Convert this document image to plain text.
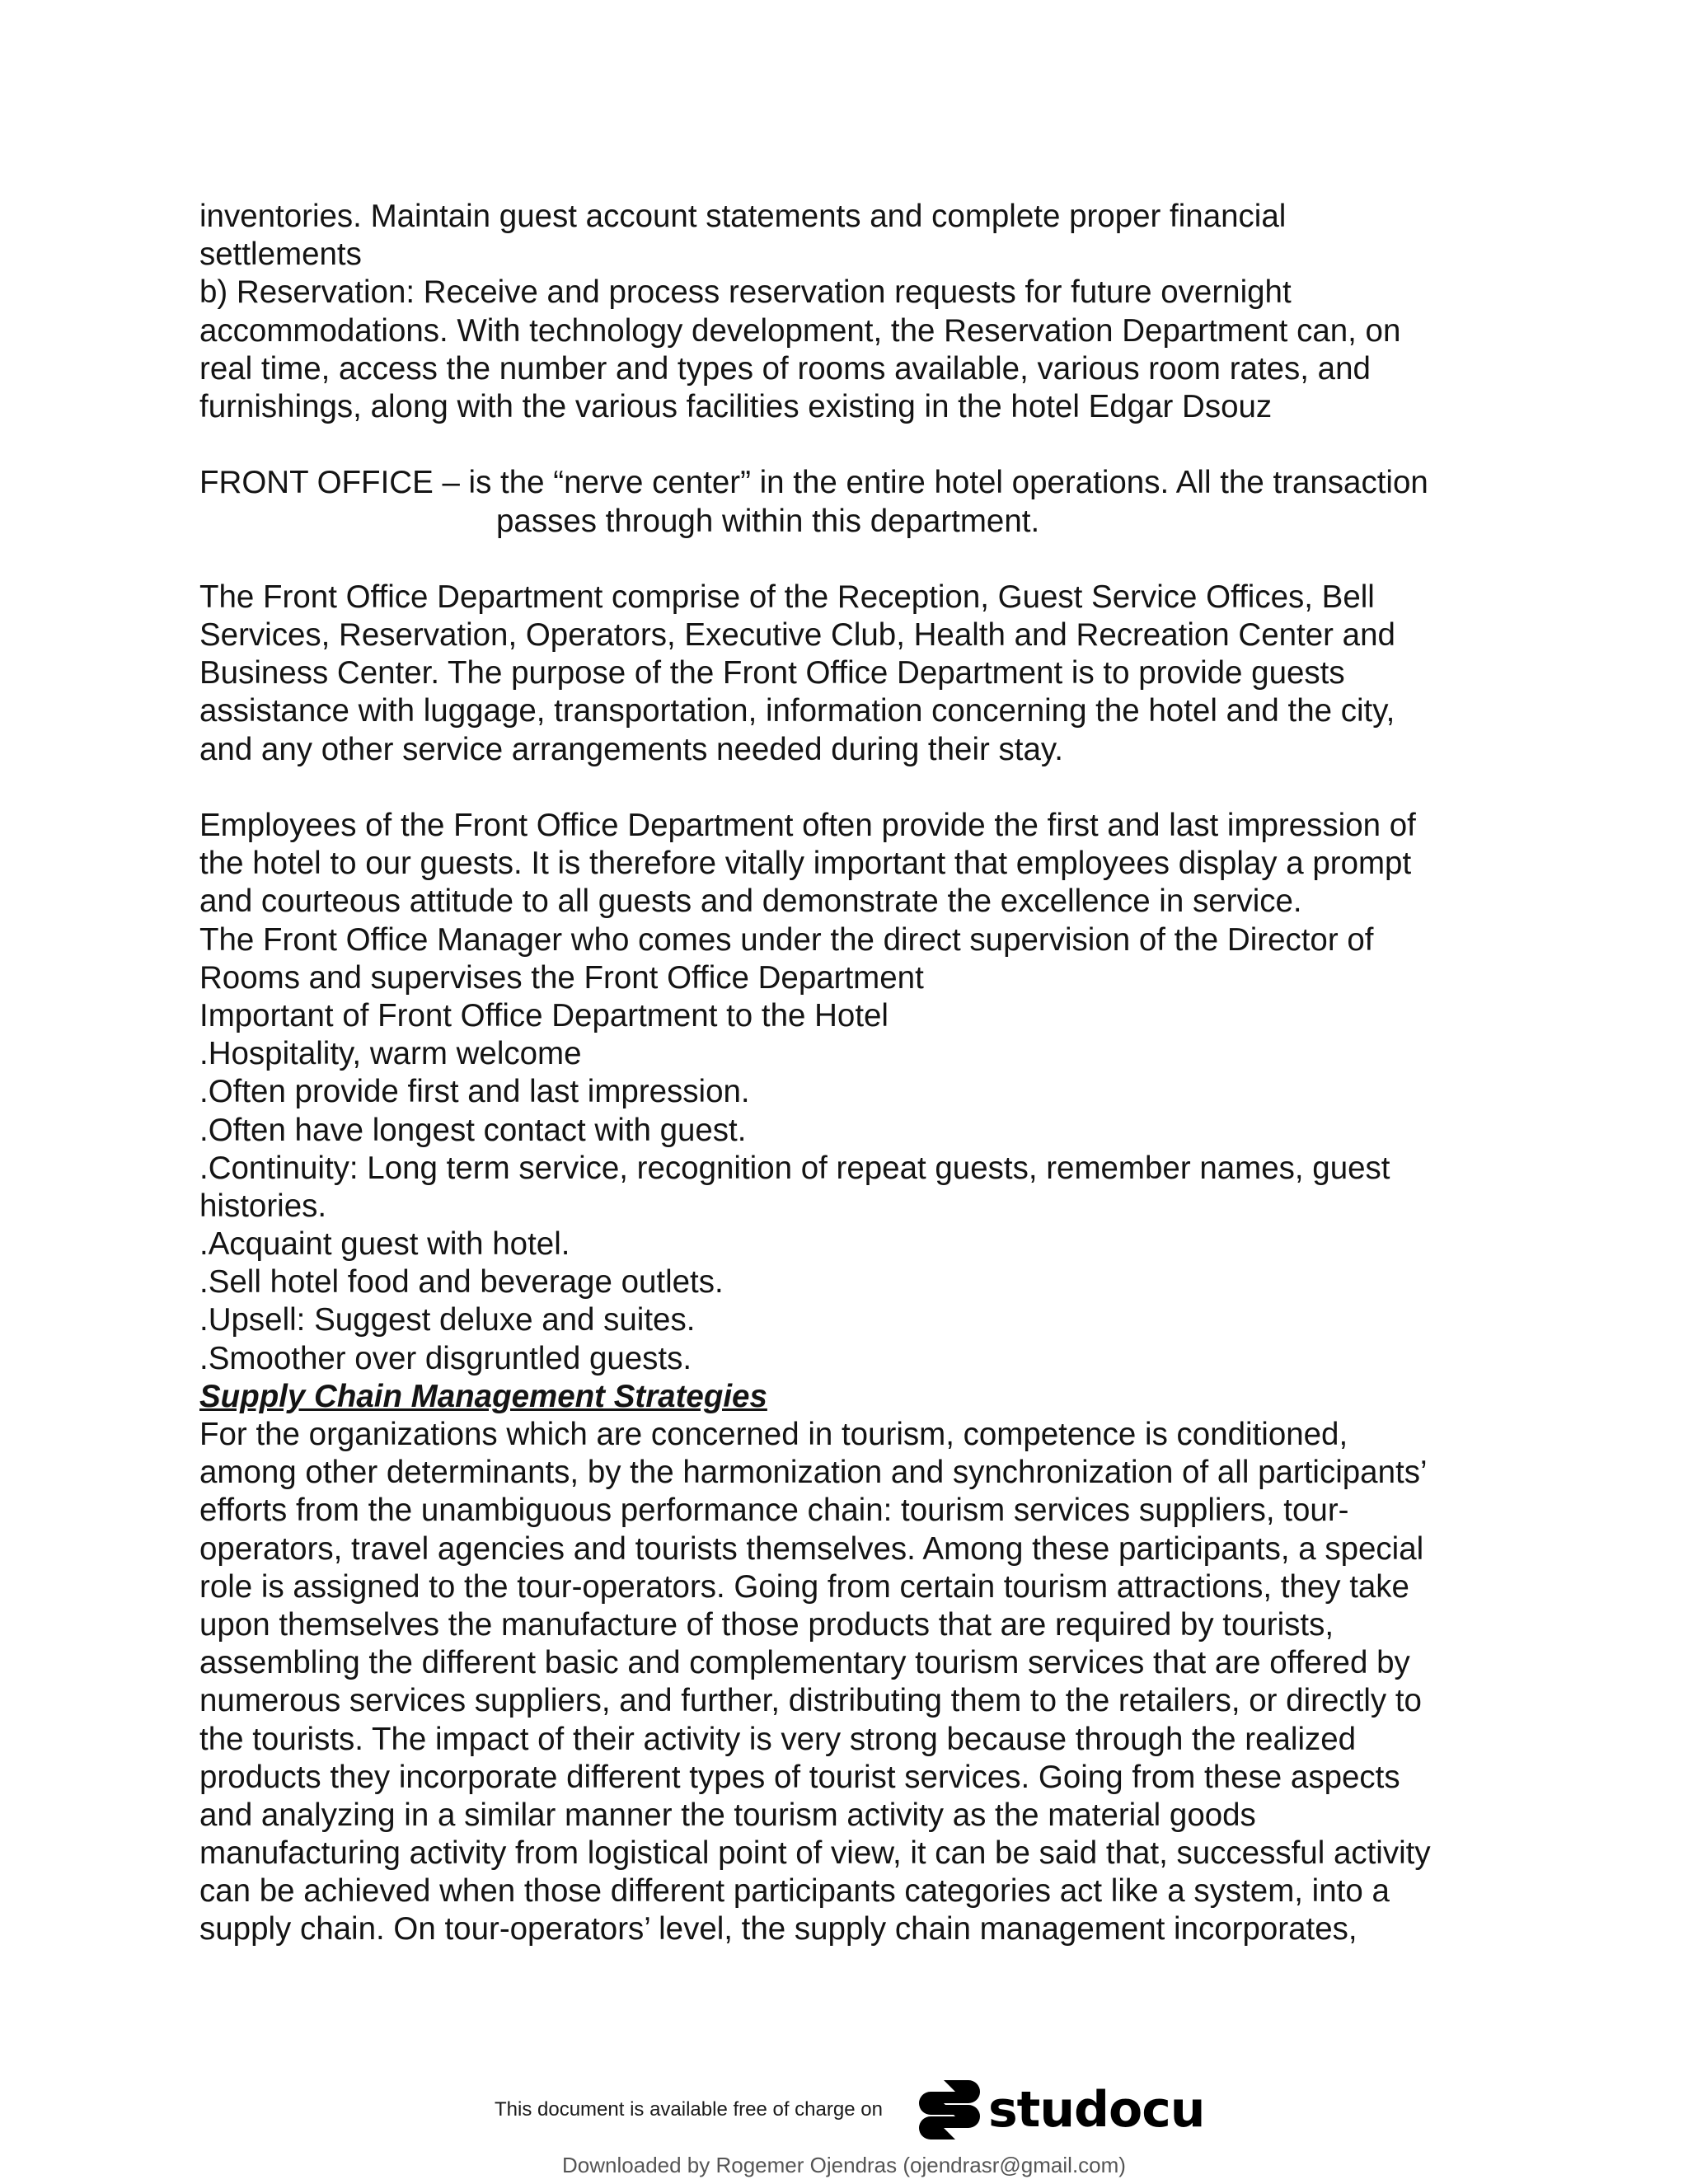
inventories. Maintain guest account statements and complete proper financial

settlements

b) Reservation: Receive and process reservation requests for future overnight

accommodations. With technology development, the Reservation Department can, on

real time, access the number and types of rooms available, various room rates, and

furnishings, along with the various facilities existing in the hotel Edgar Dsouz

FRONT OFFICE – is the “nerve center” in the entire hotel operations. All the transaction

passes through within this department.

The Front Office Department comprise of the Reception, Guest Service Offices, Bell

Services, Reservation, Operators, Executive Club, Health and Recreation Center and

Business Center. The purpose of the Front Office Department is to provide guests

assistance with luggage, transportation, information concerning the hotel and the city,

and any other service arrangements needed during their stay.

Employees of the Front Office Department often provide the first and last impression of

the hotel to our guests. It is therefore vitally important that employees display a prompt

and courteous attitude to all guests and demonstrate the excellence in service.

The Front Office Manager who comes under the direct supervision of the Director of

Rooms and supervises the Front Office Department

Important of Front Office Department to the Hotel

.Hospitality, warm welcome

.Often provide first and last impression.

.Often have longest contact with guest.

.Continuity: Long term service, recognition of repeat guests, remember names, guest

histories.

.Acquaint guest with hotel.

.Sell hotel food and beverage outlets.

.Upsell: Suggest deluxe and suites.

.Smoother over disgruntled guests.

Supply Chain Management Strategies

For the organizations which are concerned in tourism, competence is conditioned,

among other determinants, by the harmonization and synchronization of all participants’

efforts from the unambiguous performance chain: tourism services suppliers, tour-

operators, travel agencies and tourists themselves. Among these participants, a special

role is assigned to the tour-operators. Going from certain tourism attractions, they take

upon themselves the manufacture of those products that are required by tourists,

assembling the different basic and complementary tourism services that are offered by

numerous services suppliers, and further, distributing them to the retailers, or directly to

the tourists. The impact of their activity is very strong because through the realized

products they incorporate different types of tourist services. Going from these aspects

and analyzing in a similar manner the tourism activity as the material goods

manufacturing activity from logistical point of view, it can be said that, successful activity

can be achieved when those different participants categories act like a system, into a

supply chain. On tour-operators’ level, the supply chain management incorporates,

This document is available free of charge on studocu
Downloaded by Rogemer Ojendras (ojendrasr@gmail.com)
